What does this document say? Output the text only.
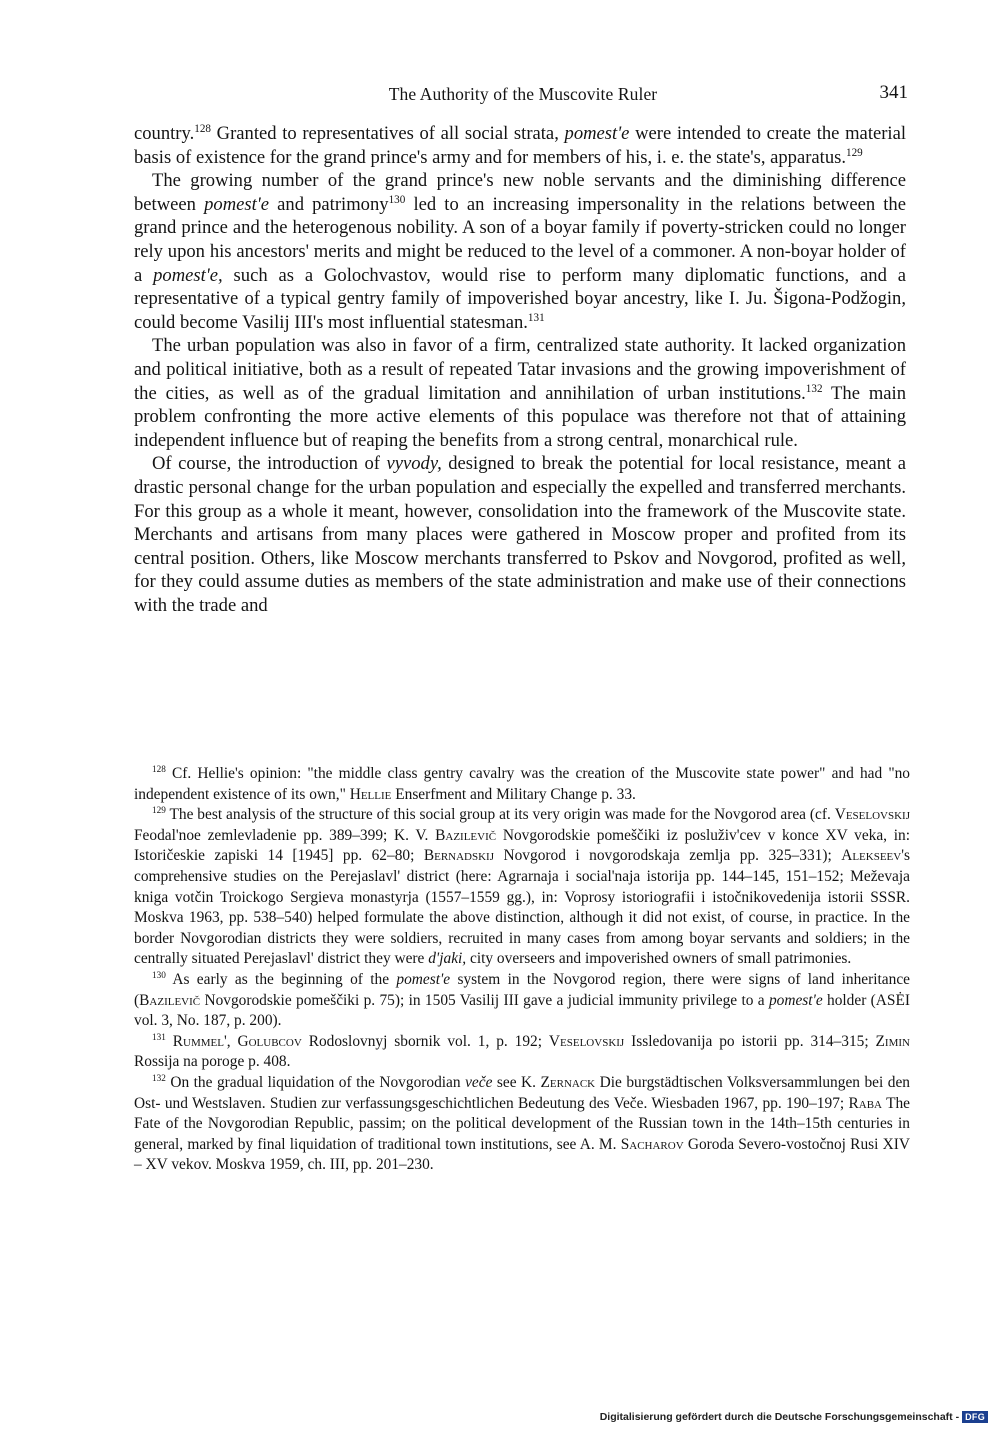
The Authority of the Muscovite Ruler	341

country.$^{128}$ Granted to representatives of all social strata, pomest'e were intended to create the material basis of existence for the grand prince's army and for members of his, i. e. the state's, apparatus.$^{129}$

The growing number of the grand prince's new noble servants and the diminishing difference between pomest'e and patrimony$^{130}$ led to an increasing impersonality in the relations between the grand prince and the heterogenous nobility. A son of a boyar family if poverty-stricken could no longer rely upon his ancestors' merits and might be reduced to the level of a commoner. A non-boyar holder of a pomest'e, such as a Golochvastov, would rise to perform many diplomatic functions, and a representative of a typical gentry family of impoverished boyar ancestry, like I. Ju. Šigona-Podžogin, could become Vasilij III's most influential statesman.$^{131}$

The urban population was also in favor of a firm, centralized state authority. It lacked organization and political initiative, both as a result of repeated Tatar invasions and the growing impoverishment of the cities, as well as of the gradual limitation and annihilation of urban institutions.$^{132}$ The main problem confronting the more active elements of this populace was therefore not that of attaining independent influence but of reaping the benefits from a strong central, monarchical rule.

Of course, the introduction of vyvody, designed to break the potential for local resistance, meant a drastic personal change for the urban population and especially the expelled and transferred merchants. For this group as a whole it meant, however, consolidation into the framework of the Muscovite state. Merchants and artisans from many places were gathered in Moscow proper and profited from its central position. Others, like Moscow merchants transferred to Pskov and Novgorod, profited as well, for they could assume duties as members of the state administration and make use of their connections with the trade and

$^{128}$ Cf. Hellie's opinion: "the middle class gentry cavalry was the creation of the Muscovite state power" and had "no independent existence of its own," Hellie Enserfment and Military Change p. 33.

$^{129}$ The best analysis of the structure of this social group at its very origin was made for the Novgorod area (cf. Veselovskij Feodal'noe zemlevladenie pp. 389–399; K. V. Bazilevič Novgorodskie pomeščiki iz posluživ'cev v konce XV veka, in: Istoričeskie zapiski 14 [1945] pp. 62–80; Bernadskij Novgorod i novgorodskaja zemlja pp. 325–331); Alekseev's comprehensive studies on the Perejaslavl' district (here: Agrarnaja i social'naja istorija pp. 144–145, 151–152; Meževaja kniga votčin Troickogo Sergieva monastyrja (1557–1559 gg.), in: Voprosy istoriografii i istočnikovedenija istorii SSSR. Moskva 1963, pp. 538–540) helped formulate the above distinction, although it did not exist, of course, in practice. In the border Novgorodian districts they were soldiers, recruited in many cases from among boyar servants and soldiers; in the centrally situated Perejaslavl' district they were d'jaki, city overseers and impoverished owners of small patrimonies.

$^{130}$ As early as the beginning of the pomest'e system in the Novgorod region, there were signs of land inheritance (Bazilevič Novgorodskie pomeščiki p. 75); in 1505 Vasilij III gave a judicial immunity privilege to a pomest'e holder (ASĖI vol. 3, No. 187, p. 200).

$^{131}$ Rummel', Golubcov Rodoslovnyj sbornik vol. 1, p. 192; Veselovskij Issledovanija po istorii pp. 314–315; Zimin Rossija na poroge p. 408.

$^{132}$ On the gradual liquidation of the Novgorodian veče see K. Zernack Die burgstädtischen Volksversammlungen bei den Ost- und Westslaven. Studien zur verfassungsgeschichtlichen Bedeutung des Veče. Wiesbaden 1967, pp. 190–197; Raba The Fate of the Novgorodian Republic, passim; on the political development of the Russian town in the 14th–15th centuries in general, marked by final liquidation of traditional town institutions, see A. M. Sacharov Goroda Severo-vostočnoj Rusi XIV – XV vekov. Moskva 1959, ch. III, pp. 201–230.

Digitalisierung gefördert durch die Deutsche Forschungsgemeinschaft - DFG
